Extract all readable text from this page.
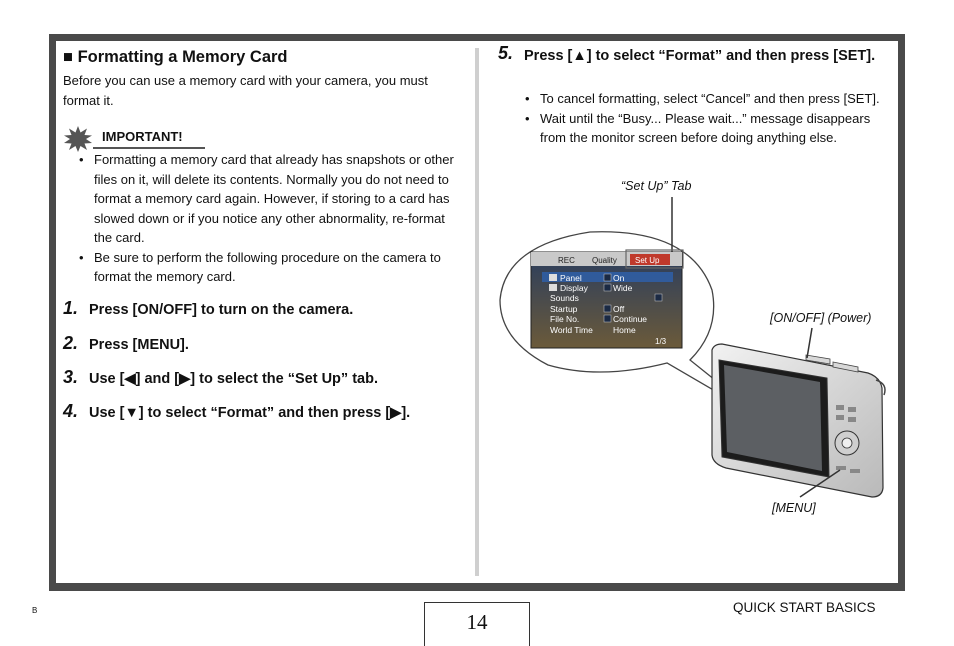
■ Formatting a Memory Card
Before you can use a memory card with your camera, you must format it.
IMPORTANT!
• Formatting a memory card that already has snapshots or other files on it, will delete its contents. Normally you do not need to format a memory card again. However, if storing to a card has slowed down or if you notice any other abnormality, re-format the card.
• Be sure to perform the following procedure on the camera to format the memory card.
1. Press [ON/OFF] to turn on the camera.
2. Press [MENU].
3. Use [◀] and [▶] to select the “Set Up” tab.
4. Use [▼] to select “Format” and then press [▶].
5. Press [▲] to select “Format” and then press [SET].
• To cancel formatting, select “Cancel” and then press [SET].
• Wait until the “Busy... Please wait...” message disappears from the monitor screen before doing anything else.
“Set Up” Tab
[ON/OFF] (Power)
[MENU]
REC Quality Set Up
Panel	On
Display	Wide
Sounds
Startup	Off
File No.	Continue
World Time Home
1/3
B	14
QUICK START BASICS
